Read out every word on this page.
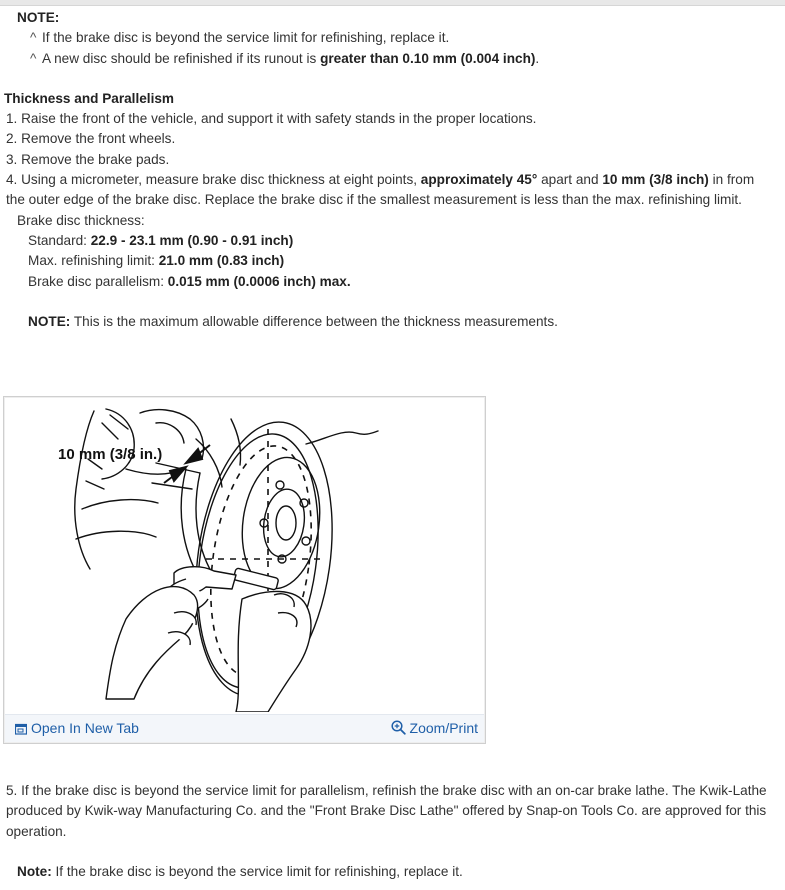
NOTE:

^ If the brake disc is beyond the service limit for refinishing, replace it.

^ A new disc should be refinished if its runout is greater than 0.10 mm (0.004 inch).

Thickness and Parallelism

1. Raise the front of the vehicle, and support it with safety stands in the proper locations.

2. Remove the front wheels.

3. Remove the brake pads.

4. Using a micrometer, measure brake disc thickness at eight points, approximately 45° apart and 10 mm (3/8 inch) in from the outer edge of the brake disc. Replace the brake disc if the smallest measurement is less than the max. refinishing limit.

Brake disc thickness:

Standard: 22.9 - 23.1 mm (0.90 - 0.91 inch)

Max. refinishing limit: 21.0 mm (0.83 inch)

Brake disc parallelism: 0.015 mm (0.0006 inch) max.

NOTE: This is the maximum allowable difference between the thickness measurements.

10 mm (3/8 in.)
Open In New Tab	Zoom/Print

5. If the brake disc is beyond the service limit for parallelism, refinish the brake disc with an on-car brake lathe. The Kwik-Lathe produced by Kwik-way Manufacturing Co. and the "Front Brake Disc Lathe" offered by Snap-on Tools Co. are approved for this operation.

Note: If the brake disc is beyond the service limit for refinishing, replace it.
